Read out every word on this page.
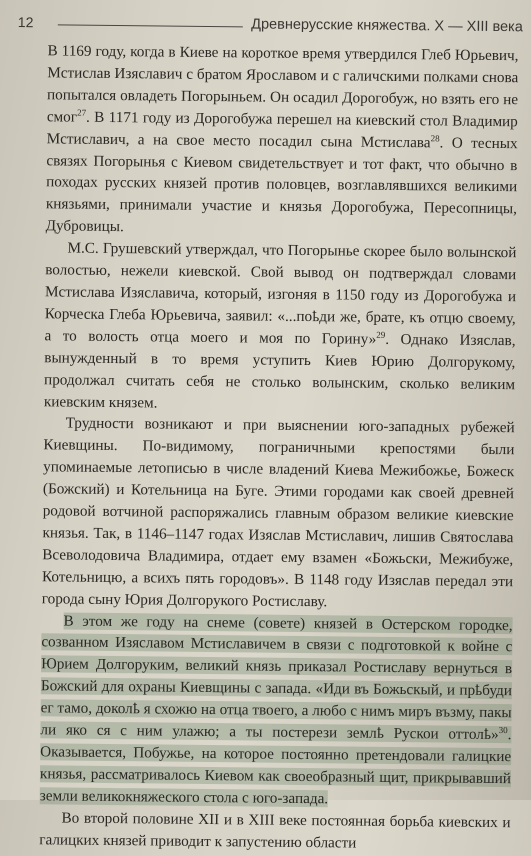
12	Древнерусские княжества. X — XIII века

В 1169 году, когда в Киеве на короткое время утвердился Глеб Юрьевич, Мстислав Изяславич с братом Ярославом и с галичскими полками снова попытался овладеть Погорыньем. Он осадил Дорогобуж, но взять его не смог$^{27}$. В 1171 году из Дорогобужа перешел на киевский стол Владимир Мстиславич, а на свое место посадил сына Мстислава$^{28}$. О тесных связях Погорынья с Киевом свидетельствует и тот факт, что обычно в походах русских князей против половцев, возглавлявшихся великими князьями, принимали участие и князья Дорогобужа, Пересопницы, Дубровицы.

М.С. Грушевский утверждал, что Погорынье скорее было волынской волостью, нежели киевской. Свой вывод он подтверждал словами Мстислава Изяславича, который, изгоняя в 1150 году из Дорогобужа и Корческа Глеба Юрьевича, заявил: «...поҍди же, брате, къ отцю своему, а то волость отца моего и моя по Горину»$^{29}$. Однако Изяслав, вынужденный в то время уступить Киев Юрию Долгорукому, продолжал считать себя не столько волынским, сколько великим киевским князем.

Трудности возникают и при выяснении юго-западных рубежей Киевщины. По-видимому, пограничными крепостями были упоминаемые летописью в числе владений Киева Межибожье, Божеск (Божский) и Котельница на Буге. Этими городами как своей древней родовой вотчиной распоряжались главным образом великие киевские князья. Так, в 1146–1147 годах Изяслав Мстиславич, лишив Святослава Всеволодовича Владимира, отдает ему взамен «Божьски, Межибуже, Котельницю, а всихъ пять городовъ». В 1148 году Изяслав передал эти города сыну Юрия Долгорукого Ростиславу.

В этом же году на снеме (совете) князей в Остерском городке, созванном Изяславом Мстиславичем в связи с подготовкой к войне с Юрием Долгоруким, великий князь приказал Ростиславу вернуться в Божский для охраны Киевщины с запада. «Иди въ Божьскый, и прҍбуди ег тамо, доколҍ я схожю на отца твоего, а любо с нимъ миръ възму, пакы ли яко ся с ним улажю; а ты постерези землҍ Рускои оттолҍ»$^{30}$. Оказывается, Побужье, на которое постоянно претендовали галицкие князья, рассматривалось Киевом как своеобразный щит, прикрывавший земли великокняжеского стола с юго-запада.

Во второй половине XII и в XIII веке постоянная борьба киевских и галицких князей приводит к запустению области
